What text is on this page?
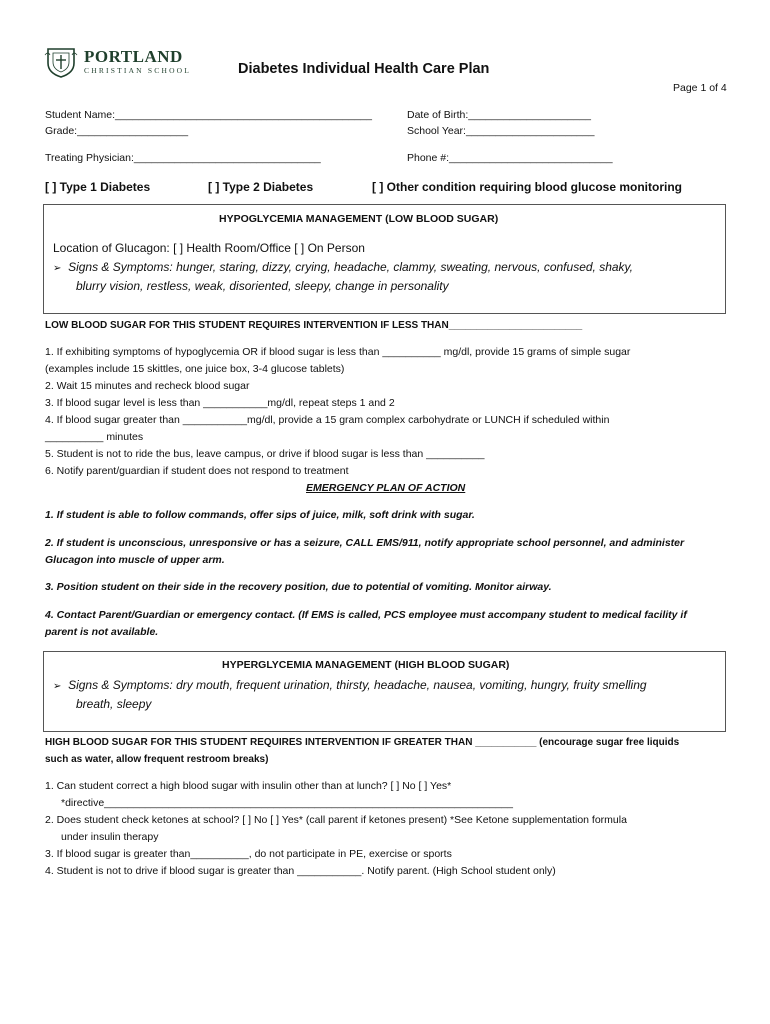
PORTLAND
CHRISTIAN SCHOOL	Diabetes Individual Health Care Plan
Page 1 of 4
Student Name:____________________________________________
Grade:___________________
Date of Birth:_____________________
School Year:______________________
Treating Physician:________________________________	Phone #:____________________________
[ ] Type 1 Diabetes	[ ] Type 2 Diabetes	[ ] Other condition requiring blood glucose monitoring
HYPOGLYCEMIA MANAGEMENT (LOW BLOOD SUGAR)
Location of Glucagon: [ ] Health Room/Office [ ] On Person
➢ Signs & Symptoms: hunger, staring, dizzy, crying, headache, clammy, sweating, nervous, confused, shaky,
blurry vision, restless, weak, disoriented, sleepy, change in personality
LOW BLOOD SUGAR FOR THIS STUDENT REQUIRES INTERVENTION IF LESS THAN________________________
1. If exhibiting symptoms of hypoglycemia OR if blood sugar is less than __________ mg/dl, provide 15 grams of simple sugar
(examples include 15 skittles, one juice box, 3-4 glucose tablets)
2. Wait 15 minutes and recheck blood sugar
3. If blood sugar level is less than ___________mg/dl, repeat steps 1 and 2
4. If blood sugar greater than ___________mg/dl, provide a 15 gram complex carbohydrate or LUNCH if scheduled within
__________ minutes
5. Student is not to ride the bus, leave campus, or drive if blood sugar is less than __________
6. Notify parent/guardian if student does not respond to treatment
EMERGENCY PLAN OF ACTION
1. If student is able to follow commands, offer sips of juice, milk, soft drink with sugar.
2. If student is unconscious, unresponsive or has a seizure, CALL EMS/911, notify appropriate school personnel, and administer
Glucagon into muscle of upper arm.
3. Position student on their side in the recovery position, due to potential of vomiting. Monitor airway.
4. Contact Parent/Guardian or emergency contact. (If EMS is called, PCS employee must accompany student to medical facility if
parent is not available.
HYPERGLYCEMIA MANAGEMENT (HIGH BLOOD SUGAR)
➢ Signs & Symptoms: dry mouth, frequent urination, thirsty, headache, nausea, vomiting, hungry, fruity smelling
breath, sleepy
HIGH BLOOD SUGAR FOR THIS STUDENT REQUIRES INTERVENTION IF GREATER THAN ___________ (encourage sugar free liquids
such as water, allow frequent restroom breaks)
1. Can student correct a high blood sugar with insulin other than at lunch? [ ] No [ ] Yes*
*directive______________________________________________________________________
2. Does student check ketones at school? [ ] No [ ] Yes* (call parent if ketones present) *See Ketone supplementation formula
under insulin therapy
3. If blood sugar is greater than__________, do not participate in PE, exercise or sports
4. Student is not to drive if blood sugar is greater than ___________. Notify parent. (High School student only)
